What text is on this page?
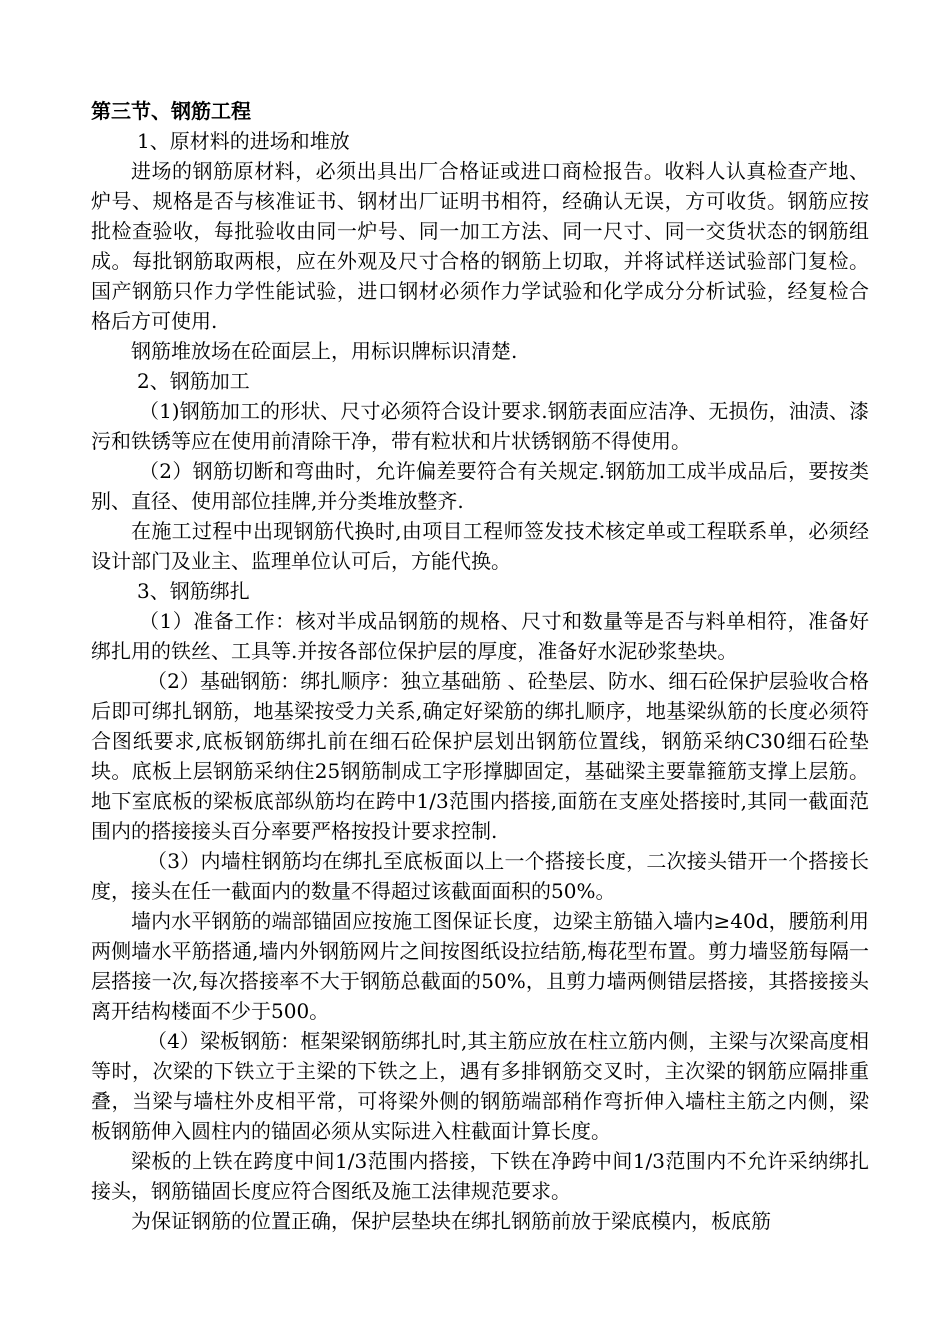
第三节、钢筋工程
1、原材料的进场和堆放

进场的钢筋原材料，必须出具出厂合格证或进口商检报告。收料人认真检查产地、炉号、规格是否与核准证书、钢材出厂证明书相符，经确认无误，方可收货。钢筋应按批检查验收，每批验收由同一炉号、同一加工方法、同一尺寸、同一交货状态的钢筋组成。每批钢筋取两根，应在外观及尺寸合格的钢筋上切取，并将试样送试验部门复检。国产钢筋只作力学性能试验，进口钢材必须作力学试验和化学成分分析试验，经复检合格后方可使用.

钢筋堆放场在砼面层上，用标识牌标识清楚.

2、钢筋加工

（1)钢筋加工的形状、尺寸必须符合设计要求.钢筋表面应洁净、无损伤，油渍、漆污和铁锈等应在使用前清除干净，带有粒状和片状锈钢筋不得使用。

（2）钢筋切断和弯曲时，允许偏差要符合有关规定.钢筋加工成半成品后，要按类别、直径、使用部位挂牌,并分类堆放整齐.

在施工过程中出现钢筋代换时,由项目工程师签发技术核定单或工程联系单，必须经设计部门及业主、监理单位认可后，方能代换。

3、钢筋绑扎

（1）准备工作：核对半成品钢筋的规格、尺寸和数量等是否与料单相符，准备好绑扎用的铁丝、工具等.并按各部位保护层的厚度，准备好水泥砂浆垫块。

（2）基础钢筋：绑扎顺序：独立基础筋 、砼垫层、防水、细石砼保护层验收合格后即可绑扎钢筋，地基梁按受力关系,确定好梁筋的绑扎顺序，地基梁纵筋的长度必须符合图纸要求,底板钢筋绑扎前在细石砼保护层划出钢筋位置线，钢筋采纳C30细石砼垫块。底板上层钢筋采纳住25钢筋制成工字形撑脚固定，基础梁主要靠箍筋支撑上层筋。地下室底板的梁板底部纵筋均在跨中1/3范围内搭接,面筋在支座处搭接时,其同一截面范围内的搭接接头百分率要严格按投计要求控制.

（3）内墙柱钢筋均在绑扎至底板面以上一个搭接长度，二次接头错开一个搭接长度，接头在任一截面内的数量不得超过该截面面积的50%。

墙内水平钢筋的端部锚固应按施工图保证长度，边梁主筋锚入墙内≥40d，腰筋利用两侧墙水平筋搭通,墙内外钢筋网片之间按图纸设拉结筋,梅花型布置。剪力墙竖筋每隔一层搭接一次,每次搭接率不大于钢筋总截面的50%，且剪力墙两侧错层搭接，其搭接接头离开结构楼面不少于500。

（4）梁板钢筋：框架梁钢筋绑扎时,其主筋应放在柱立筋内侧，主梁与次梁高度相等时，次梁的下铁立于主梁的下铁之上，遇有多排钢筋交叉时，主次梁的钢筋应隔排重叠，当梁与墙柱外皮相平常，可将梁外侧的钢筋端部稍作弯折伸入墙柱主筋之内侧，梁板钢筋伸入圆柱内的锚固必须从实际进入柱截面计算长度。

梁板的上铁在跨度中间1/3范围内搭接，下铁在净跨中间1/3范围内不允许采纳绑扎接头，钢筋锚固长度应符合图纸及施工法律规范要求。

为保证钢筋的位置正确，保护层垫块在绑扎钢筋前放于梁底模内，板底筋
